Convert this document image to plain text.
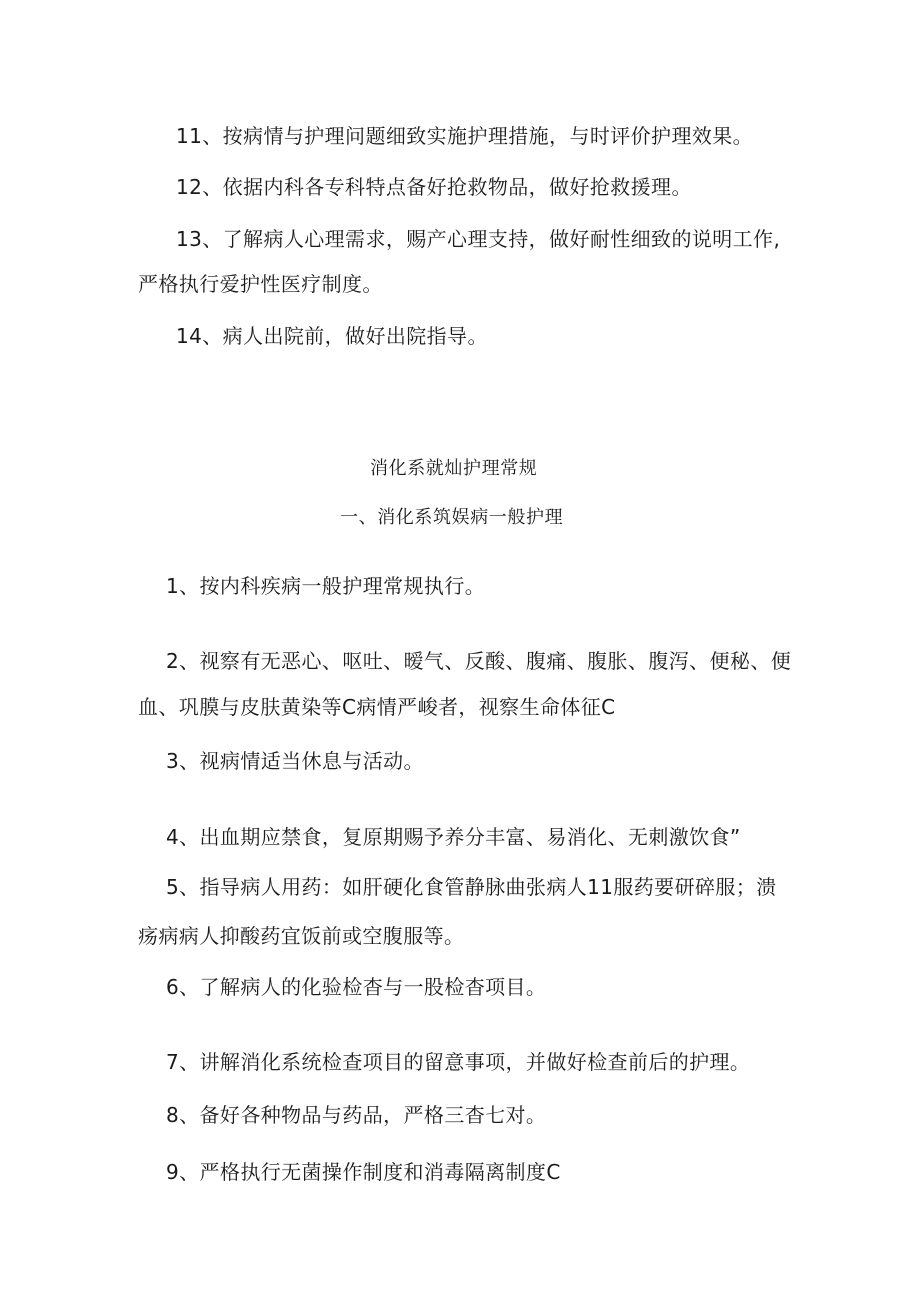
11、按病情与护理问题细致实施护理措施，与时评价护理效果。
12、依据内科各专科特点备好抢救物品，做好抢救援理。
13、了解病人心理需求，赐产心理支持，做好耐性细致的说明工作,
严格执行爱护性医疗制度。
14、病人出院前，做好出院指导。
消化系就灿护理常规
一、消化系筑娱病一般护理
1、按内科疾病一般护理常规执行。
2、视察有无恶心、呕吐、暧气、反酸、腹痛、腹胀、腹泻、便秘、便
血、巩膜与皮肤黄染等C病情严峻者，视察生命体征C
3、视病情适当休息与活动。
4、出血期应禁食，复原期赐予养分丰富、易消化、无刺激饮食”
5、指导病人用药：如肝硬化食管静脉曲张病人11服药要研碎服；溃
疡病病人抑酸药宜饭前或空腹服等。
6、了解病人的化验检杳与一股检杳项目。
7、讲解消化系统检查项目的留意事项，并做好检查前后的护理。
8、备好各种物品与药品，严格三杳七对。
9、严格执行无菌操作制度和消毒隔离制度C
